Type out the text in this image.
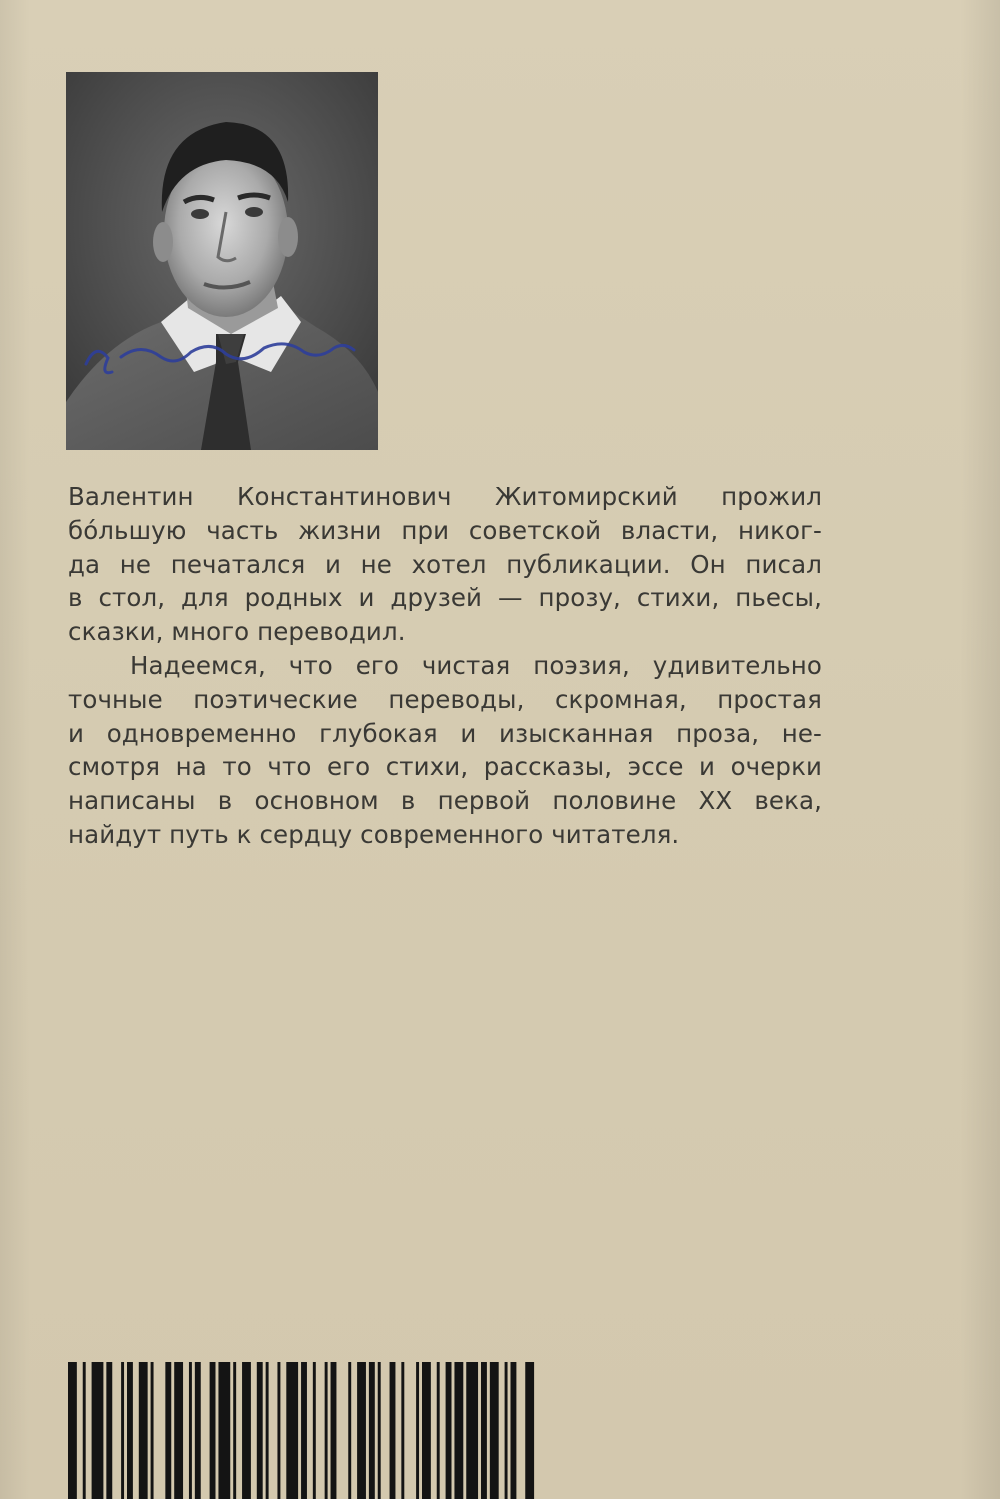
Валентин Константинович Житомирский прожил
бо́льшую часть жизни при советской власти, никог-
да не печатался и не хотел публикации. Он писал
в стол, для родных и друзей — прозу, стихи, пьесы,
сказки, много переводил.

Надеемся, что его чистая поэзия, удивительно
точные поэтические переводы, скромная, простая
и одновременно глубокая и изысканная проза, не-
смотря на то что его стихи, рассказы, эссе и очерки
написаны в основном в первой половине XX века,
найдут путь к сердцу современного читателя.
